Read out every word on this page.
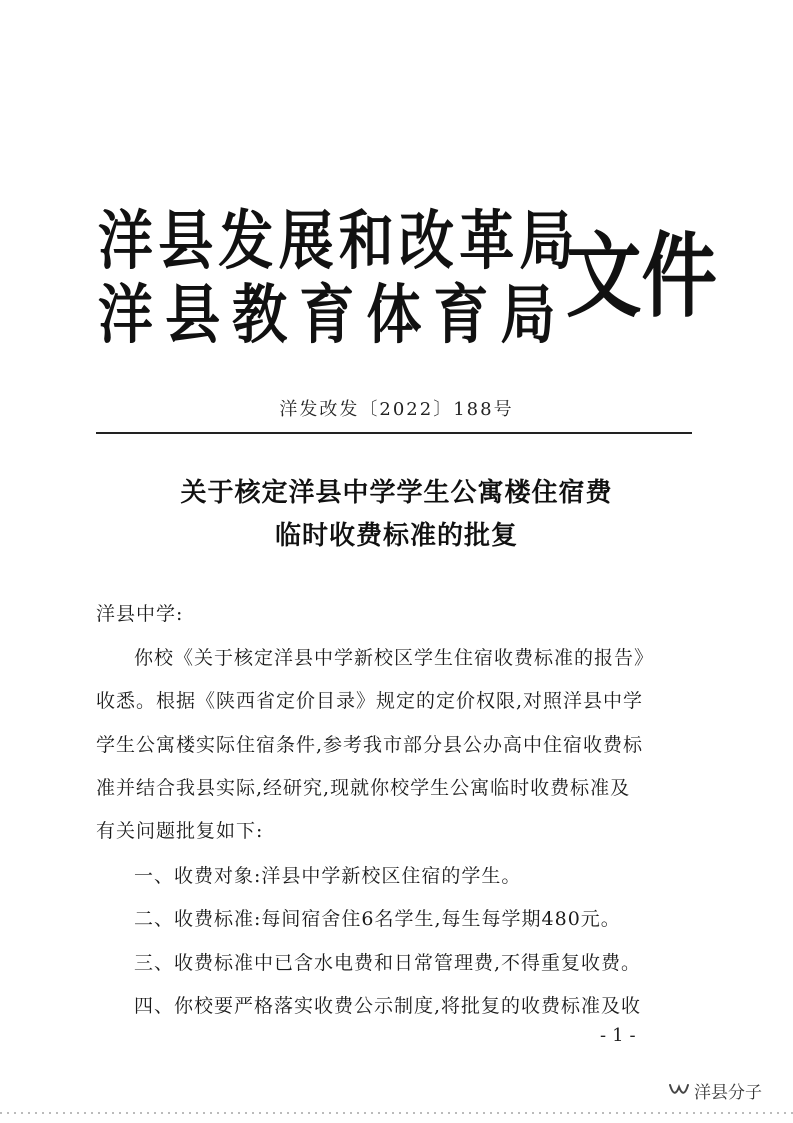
洋县发展和改革局
洋县教育体育局
文件
洋发改发〔2022〕188号
关于核定洋县中学学生公寓楼住宿费
临时收费标准的批复
洋县中学:
你校《关于核定洋县中学新校区学生住宿收费标准的报告》
收悉。根据《陕西省定价目录》规定的定价权限,对照洋县中学
学生公寓楼实际住宿条件,参考我市部分县公办高中住宿收费标
准并结合我县实际,经研究,现就你校学生公寓临时收费标准及
有关问题批复如下:
一、收费对象:洋县中学新校区住宿的学生。
二、收费标准:每间宿舍住6名学生,每生每学期480元。
三、收费标准中已含水电费和日常管理费,不得重复收费。
四、你校要严格落实收费公示制度,将批复的收费标准及收
-1-
洋县分子
